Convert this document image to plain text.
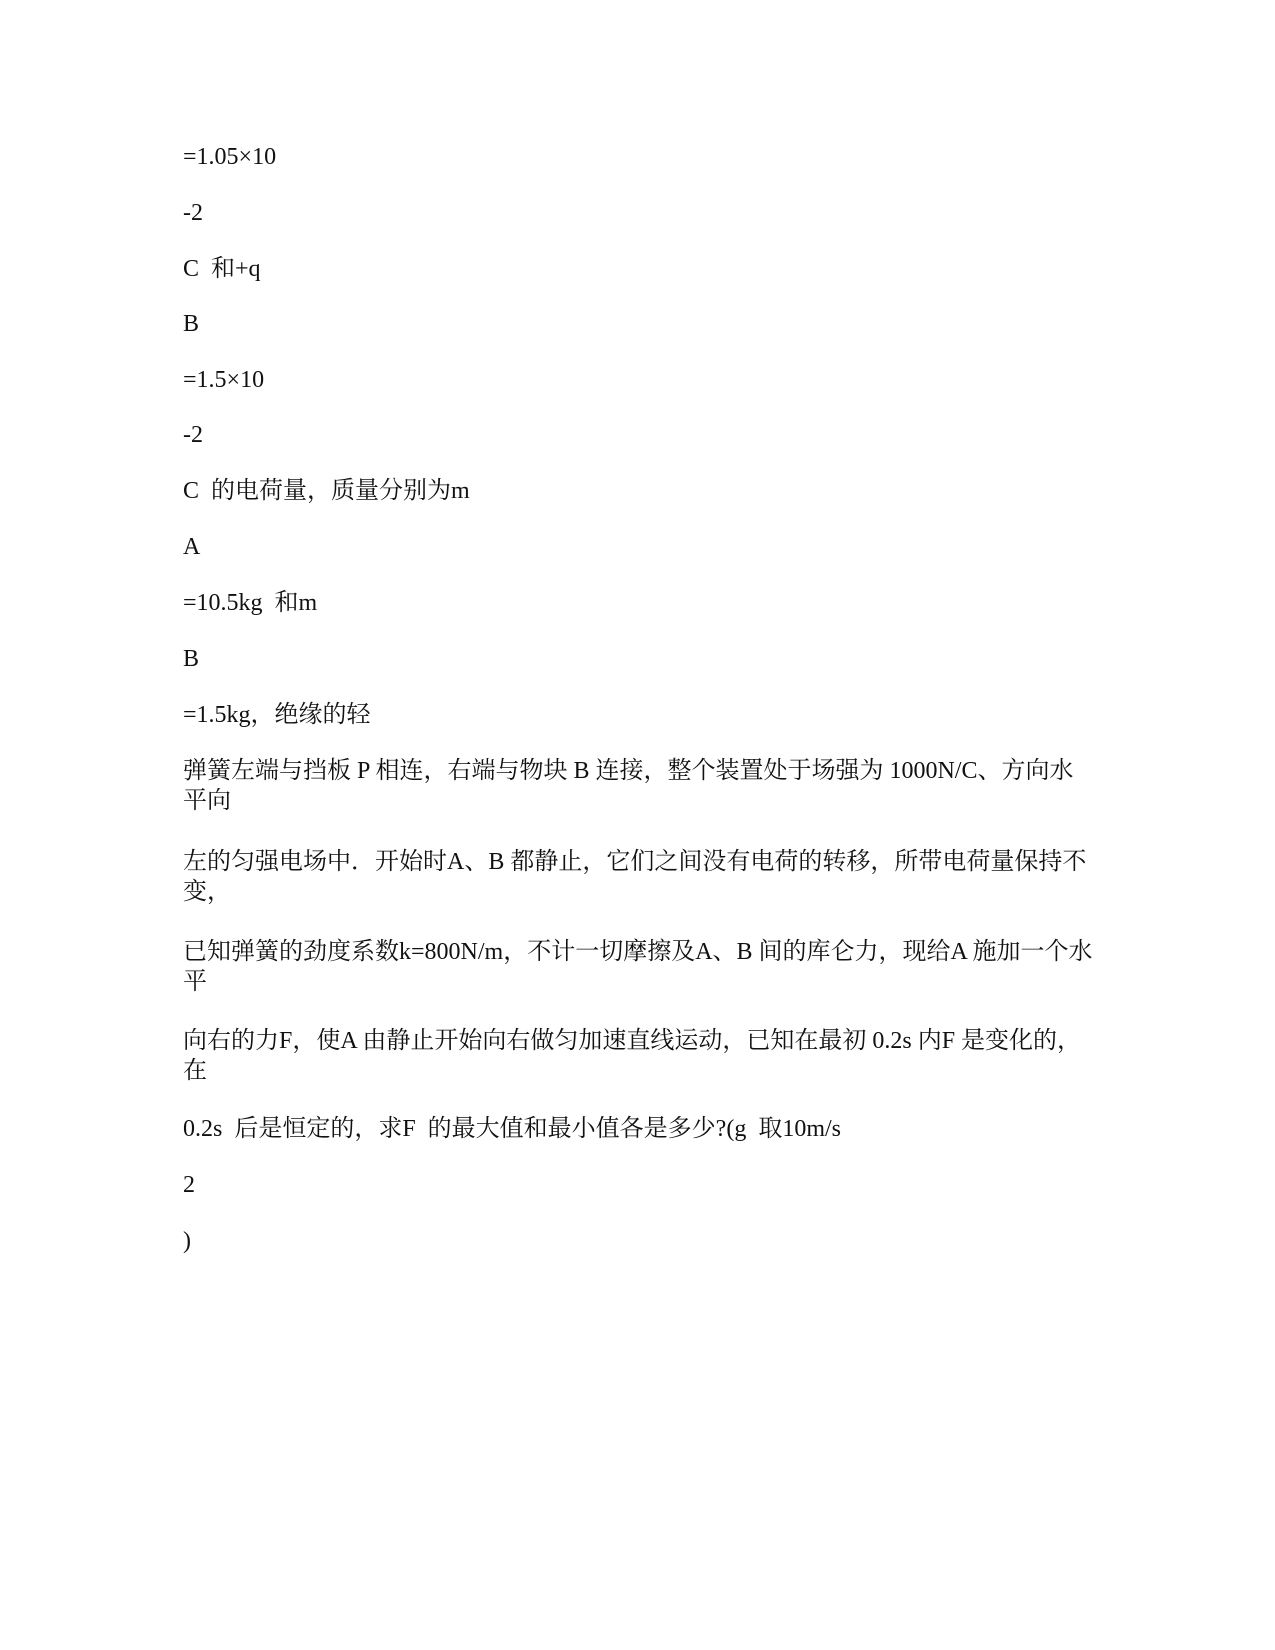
=1.05×10
-2
C  和+q
B
=1.5×10
-2
C  的电荷量，质量分别为m
A
=10.5kg  和m
B
=1.5kg，绝缘的轻
弹簧左端与挡板 P 相连，右端与物块 B 连接，整个装置处于场强为 1000N/C、方向水平向
左的匀强电场中．开始时A、B 都静止，它们之间没有电荷的转移，所带电荷量保持不变，
已知弹簧的劲度系数k=800N/m，不计一切摩擦及A、B 间的库仑力，现给A 施加一个水平
向右的力F，使A 由静止开始向右做匀加速直线运动，已知在最初 0.2s 内F 是变化的，在
0.2s  后是恒定的，求F  的最大值和最小值各是多少?(g  取10m/s
2
)
